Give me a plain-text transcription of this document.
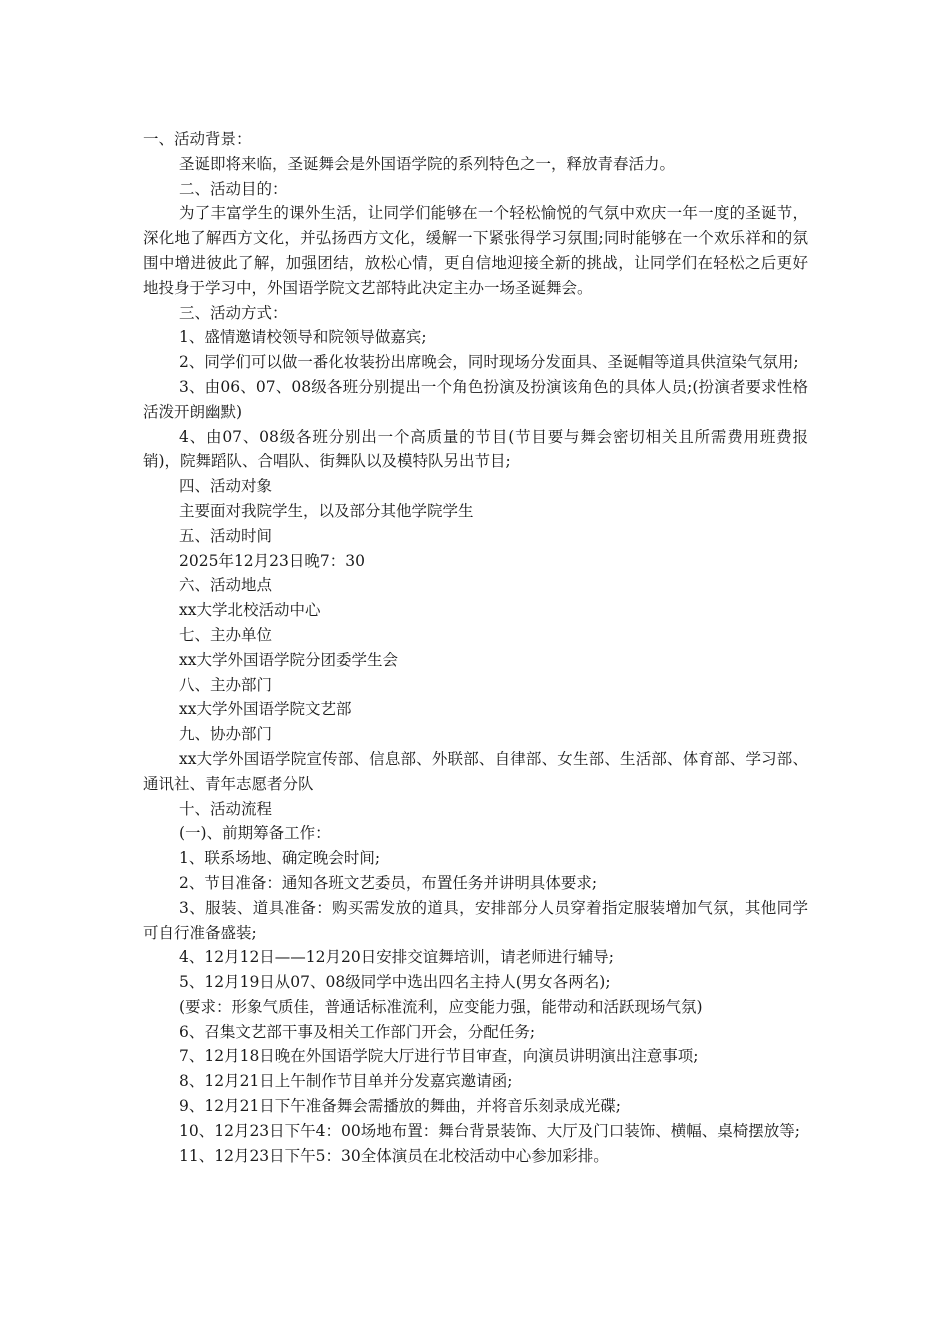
一、活动背景：

圣诞即将来临，圣诞舞会是外国语学院的系列特色之一，释放青春活力。

二、活动目的：

为了丰富学生的课外生活，让同学们能够在一个轻松愉悦的气氛中欢庆一年一度的圣诞节，深化地了解西方文化，并弘扬西方文化，缓解一下紧张得学习氛围;同时能够在一个欢乐祥和的氛围中增进彼此了解，加强团结，放松心情，更自信地迎接全新的挑战，让同学们在轻松之后更好地投身于学习中，外国语学院文艺部特此决定主办一场圣诞舞会。

三、活动方式：

1、盛情邀请校领导和院领导做嘉宾;

2、同学们可以做一番化妆装扮出席晚会，同时现场分发面具、圣诞帽等道具供渲染气氛用;

3、由06、07、08级各班分别提出一个角色扮演及扮演该角色的具体人员;(扮演者要求性格活泼开朗幽默)

4、由07、08级各班分别出一个高质量的节目(节目要与舞会密切相关且所需费用班费报销)，院舞蹈队、合唱队、街舞队以及模特队另出节目;

四、活动对象

主要面对我院学生，以及部分其他学院学生

五、活动时间

2025年12月23日晚7：30

六、活动地点

xx大学北校活动中心

七、主办单位

xx大学外国语学院分团委学生会

八、主办部门

xx大学外国语学院文艺部

九、协办部门

xx大学外国语学院宣传部、信息部、外联部、自律部、女生部、生活部、体育部、学习部、通讯社、青年志愿者分队

十、活动流程

(一)、前期筹备工作：

1、联系场地、确定晚会时间;

2、节目准备：通知各班文艺委员，布置任务并讲明具体要求;

3、服装、道具准备：购买需发放的道具，安排部分人员穿着指定服装增加气氛，其他同学可自行准备盛装;

4、12月12日——12月20日安排交谊舞培训，请老师进行辅导;

5、12月19日从07、08级同学中选出四名主持人(男女各两名);

(要求：形象气质佳，普通话标准流利，应变能力强，能带动和活跃现场气氛)

6、召集文艺部干事及相关工作部门开会，分配任务;

7、12月18日晚在外国语学院大厅进行节目审查，向演员讲明演出注意事项;

8、12月21日上午制作节目单并分发嘉宾邀请函;

9、12月21日下午准备舞会需播放的舞曲，并将音乐刻录成光碟;

10、12月23日下午4：00场地布置：舞台背景装饰、大厅及门口装饰、横幅、桌椅摆放等;

11、12月23日下午5：30全体演员在北校活动中心参加彩排。
